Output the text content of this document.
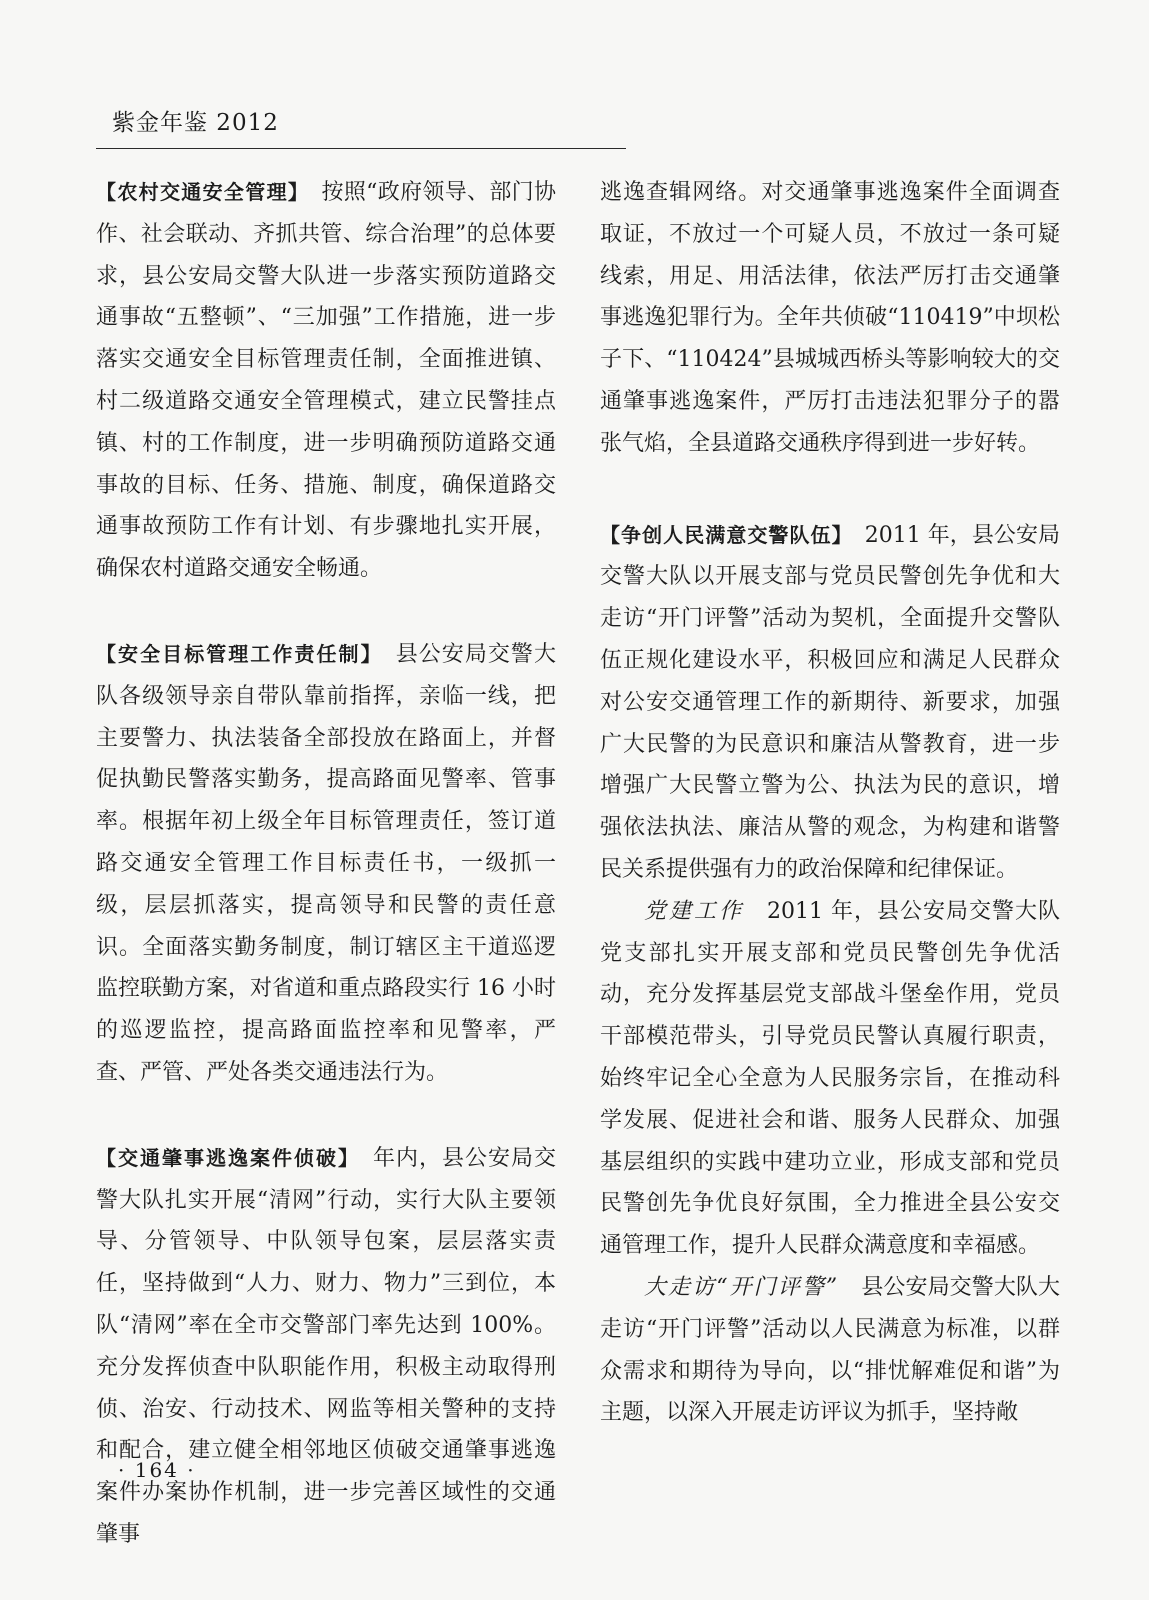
紫金年鉴 2012

【农村交通安全管理】　按照“政府领导、部门协作、社会联动、齐抓共管、综合治理”的总体要求，县公安局交警大队进一步落实预防道路交通事故“五整顿”、“三加强”工作措施，进一步落实交通安全目标管理责任制，全面推进镇、村二级道路交通安全管理模式，建立民警挂点镇、村的工作制度，进一步明确预防道路交通事故的目标、任务、措施、制度，确保道路交通事故预防工作有计划、有步骤地扎实开展，确保农村道路交通安全畅通。

【安全目标管理工作责任制】　县公安局交警大队各级领导亲自带队靠前指挥，亲临一线，把主要警力、执法装备全部投放在路面上，并督促执勤民警落实勤务，提高路面见警率、管事率。根据年初上级全年目标管理责任，签订道路交通安全管理工作目标责任书，一级抓一级，层层抓落实，提高领导和民警的责任意识。全面落实勤务制度，制订辖区主干道巡逻监控联勤方案，对省道和重点路段实行 16 小时的巡逻监控，提高路面监控率和见警率，严查、严管、严处各类交通违法行为。

【交通肇事逃逸案件侦破】　年内，县公安局交警大队扎实开展“清网”行动，实行大队主要领导、分管领导、中队领导包案，层层落实责任，坚持做到“人力、财力、物力”三到位，本队“清网”率在全市交警部门率先达到 100%。充分发挥侦查中队职能作用，积极主动取得刑侦、治安、行动技术、网监等相关警种的支持和配合，建立健全相邻地区侦破交通肇事逃逸案件办案协作机制，进一步完善区域性的交通肇事

逃逸查辑网络。对交通肇事逃逸案件全面调查取证，不放过一个可疑人员，不放过一条可疑线索，用足、用活法律，依法严厉打击交通肇事逃逸犯罪行为。全年共侦破“110419”中坝松子下、“110424”县城城西桥头等影响较大的交通肇事逃逸案件，严厉打击违法犯罪分子的嚣张气焰，全县道路交通秩序得到进一步好转。

【争创人民满意交警队伍】　2011 年，县公安局交警大队以开展支部与党员民警创先争优和大走访“开门评警”活动为契机，全面提升交警队伍正规化建设水平，积极回应和满足人民群众对公安交通管理工作的新期待、新要求，加强广大民警的为民意识和廉洁从警教育，进一步增强广大民警立警为公、执法为民的意识，增强依法执法、廉洁从警的观念，为构建和谐警民关系提供强有力的政治保障和纪律保证。

党建工作　2011 年，县公安局交警大队党支部扎实开展支部和党员民警创先争优活动，充分发挥基层党支部战斗堡垒作用，党员干部模范带头，引导党员民警认真履行职责，始终牢记全心全意为人民服务宗旨，在推动科学发展、促进社会和谐、服务人民群众、加强基层组织的实践中建功立业，形成支部和党员民警创先争优良好氛围，全力推进全县公安交通管理工作，提升人民群众满意度和幸福感。

大走访“开门评警”　县公安局交警大队大走访“开门评警”活动以人民满意为标准，以群众需求和期待为导向，以“排忧解难促和谐”为主题，以深入开展走访评议为抓手，坚持敞

· 164 ·
